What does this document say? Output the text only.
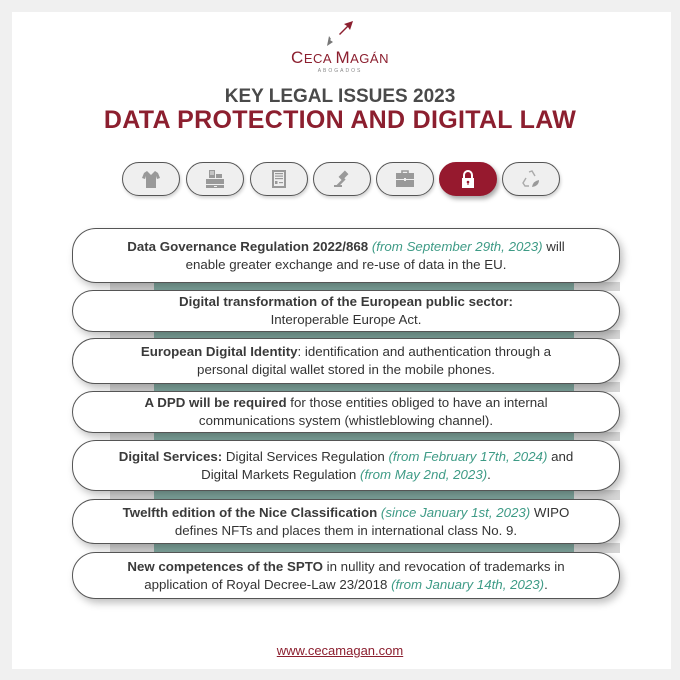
CECA MAGÁN
ABOGADOS
KEY LEGAL ISSUES 2023
DATA PROTECTION AND DIGITAL LAW
Data Governance Regulation 2022/868 (from September 29th, 2023) will
enable greater exchange and re-use of data in the EU.
Digital transformation of the European public sector:
Interoperable Europe Act.
European Digital Identity: identification and authentication through a
personal digital wallet stored in the mobile phones.
A DPD will be required for those entities obliged to have an internal
communications system (whistleblowing channel).
Digital Services: Digital Services Regulation (from February 17th, 2024) and
Digital Markets Regulation (from May 2nd, 2023).
Twelfth edition of the Nice Classification (since January 1st, 2023) WIPO
defines NFTs and places them in international class No. 9.
New competences of the SPTO in nullity and revocation of trademarks in
application of Royal Decree-Law 23/2018 (from January 14th, 2023).
www.cecamagan.com
